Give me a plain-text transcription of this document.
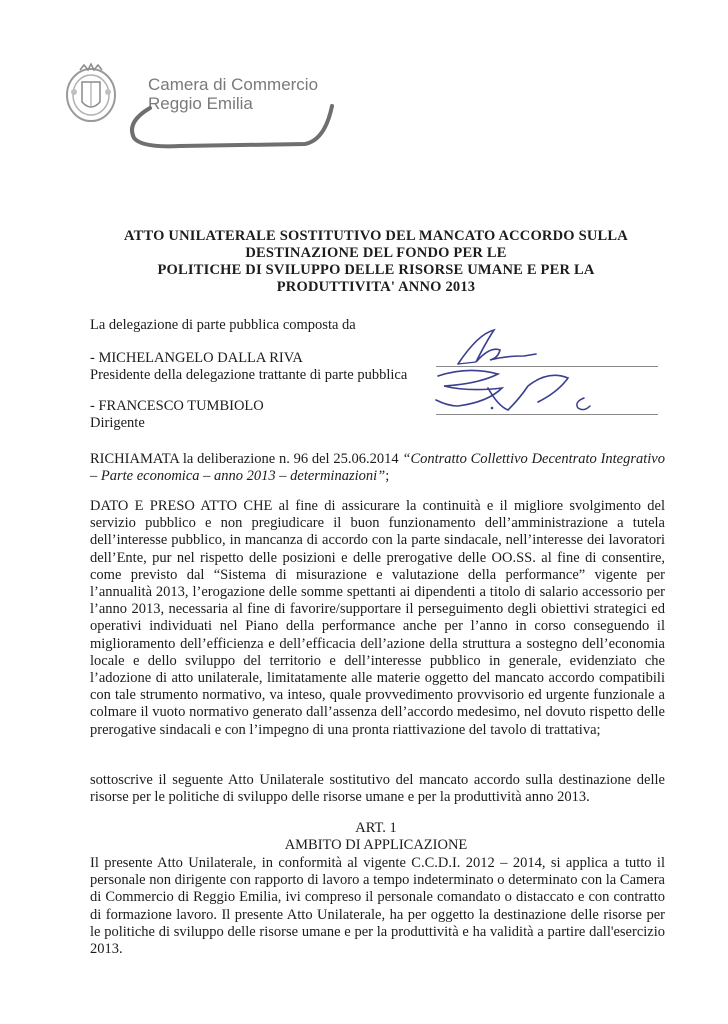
Camera di Commercio
Reggio Emilia
ATTO UNILATERALE SOSTITUTIVO DEL MANCATO ACCORDO SULLA
DESTINAZIONE DEL FONDO PER LE
POLITICHE DI SVILUPPO DELLE RISORSE UMANE E PER LA
PRODUTTIVITA' ANNO 2013
La delegazione di parte pubblica composta da
- MICHELANGELO DALLA RIVA
Presidente della delegazione trattante di parte pubblica
- FRANCESCO TUMBIOLO
Dirigente
RICHIAMATA la deliberazione n. 96 del 25.06.2014 “Contratto Collettivo Decentrato Integrativo – Parte economica – anno 2013 – determinazioni”;
DATO E PRESO ATTO CHE al fine di assicurare la continuità e il migliore svolgimento del servizio pubblico e non pregiudicare il buon funzionamento dell’amministrazione a tutela dell’interesse pubblico, in mancanza di accordo con la parte sindacale, nell’interesse dei lavoratori dell’Ente, pur nel rispetto delle posizioni e delle prerogative delle OO.SS. al fine di consentire, come previsto dal “Sistema di misurazione e valutazione della performance” vigente per l’annualità 2013, l’erogazione delle somme spettanti ai dipendenti a titolo di salario accessorio per l’anno 2013, necessaria al fine di favorire/supportare il perseguimento degli obiettivi strategici ed operativi individuati nel Piano della performance anche per l’anno in corso conseguendo il miglioramento dell’efficienza e dell’efficacia dell’azione della struttura a sostegno dell’economia locale e dello sviluppo del territorio e dell’interesse pubblico in generale, evidenziato che l’adozione di atto unilaterale, limitatamente alle materie oggetto del mancato accordo compatibili con tale strumento normativo, va inteso, quale provvedimento provvisorio ed urgente funzionale a colmare il vuoto normativo generato dall’assenza dell’accordo medesimo, nel dovuto rispetto delle prerogative sindacali e con l’impegno di una pronta riattivazione del tavolo di trattativa;
sottoscrive il seguente Atto Unilaterale sostitutivo del mancato accordo sulla destinazione delle risorse per le politiche di sviluppo delle risorse umane e per la produttività anno 2013.
ART. 1
AMBITO DI APPLICAZIONE
Il presente Atto Unilaterale, in conformità al vigente C.C.D.I. 2012 – 2014, si applica a tutto il personale non dirigente con rapporto di lavoro a tempo indeterminato o determinato con la Camera di Commercio di Reggio Emilia, ivi compreso il personale comandato o distaccato e con contratto di formazione lavoro. Il presente Atto Unilaterale, ha per oggetto la destinazione delle risorse per le politiche di sviluppo delle risorse umane e per la produttività e ha validità a partire dall'esercizio 2013.
